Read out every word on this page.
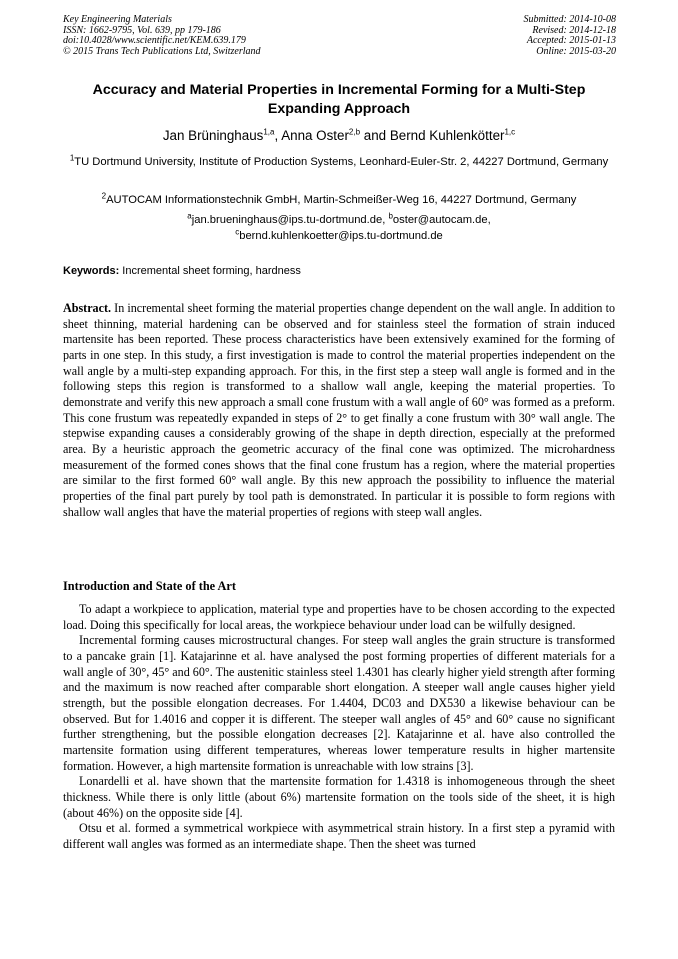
Key Engineering Materials
ISSN: 1662-9795, Vol. 639, pp 179-186
doi:10.4028/www.scientific.net/KEM.639.179
© 2015 Trans Tech Publications Ltd, Switzerland
Submitted: 2014-10-08
Revised: 2014-12-18
Accepted: 2015-01-13
Online: 2015-03-20
Accuracy and Material Properties in Incremental Forming for a Multi-Step Expanding Approach
Jan Brüninghaus$^{1,a}$, Anna Oster$^{2,b}$ and Bernd Kuhlenkötter$^{1,c}$
$^1$TU Dortmund University, Institute of Production Systems, Leonhard-Euler-Str. 2, 44227 Dortmund, Germany
$^2$AUTOCAM Informationstechnik GmbH, Martin-Schmeißer-Weg 16, 44227 Dortmund, Germany
$^a$jan.brueninghaus@ips.tu-dortmund.de, $^b$oster@autocam.de,
$^c$bernd.kuhlenkoetter@ips.tu-dortmund.de
Keywords: Incremental sheet forming, hardness
Abstract. In incremental sheet forming the material properties change dependent on the wall angle. In addition to sheet thinning, material hardening can be observed and for stainless steel the formation of strain induced martensite has been reported. These process characteristics have been extensively examined for the forming of parts in one step. In this study, a first investigation is made to control the material properties independent on the wall angle by a multi-step expanding approach. For this, in the first step a steep wall angle is formed and in the following steps this region is transformed to a shallow wall angle, keeping the material properties. To demonstrate and verify this new approach a small cone frustum with a wall angle of 60° was formed as a preform. This cone frustum was repeatedly expanded in steps of 2° to get finally a cone frustum with 30° wall angle. The stepwise expanding causes a considerably growing of the shape in depth direction, especially at the preformed area. By a heuristic approach the geometric accuracy of the final cone was optimized. The microhardness measurement of the formed cones shows that the final cone frustum has a region, where the material properties are similar to the first formed 60° wall angle. By this new approach the possibility to influence the material properties of the final part purely by tool path is demonstrated. In particular it is possible to form regions with shallow wall angles that have the material properties of regions with steep wall angles.
Introduction and State of the Art

To adapt a workpiece to application, material type and properties have to be chosen according to the expected load. Doing this specifically for local areas, the workpiece behaviour under load can be wilfully designed.

Incremental forming causes microstructural changes. For steep wall angles the grain structure is transformed to a pancake grain [1]. Katajarinne et al. have analysed the post forming properties of different materials for a wall angle of 30°, 45° and 60°. The austenitic stainless steel 1.4301 has clearly higher yield strength after forming and the maximum is now reached after comparable short elongation. A steeper wall angle causes higher yield strength, but the possible elongation decreases. For 1.4404, DC03 and DX530 a likewise behaviour can be observed. But for 1.4016 and copper it is different. The steeper wall angles of 45° and 60° cause no significant further strengthening, but the possible elongation decreases [2]. Katajarinne et al. have also controlled the martensite formation using different temperatures, whereas lower temperature results in higher martensite formation. However, a high martensite formation is unreachable with low strains [3].

Lonardelli et al. have shown that the martensite formation for 1.4318 is inhomogeneous through the sheet thickness. While there is only little (about 6%) martensite formation on the tools side of the sheet, it is high (about 46%) on the opposite side [4].

Otsu et al. formed a symmetrical workpiece with asymmetrical strain history. In a first step a pyramid with different wall angles was formed as an intermediate shape. Then the sheet was turned
